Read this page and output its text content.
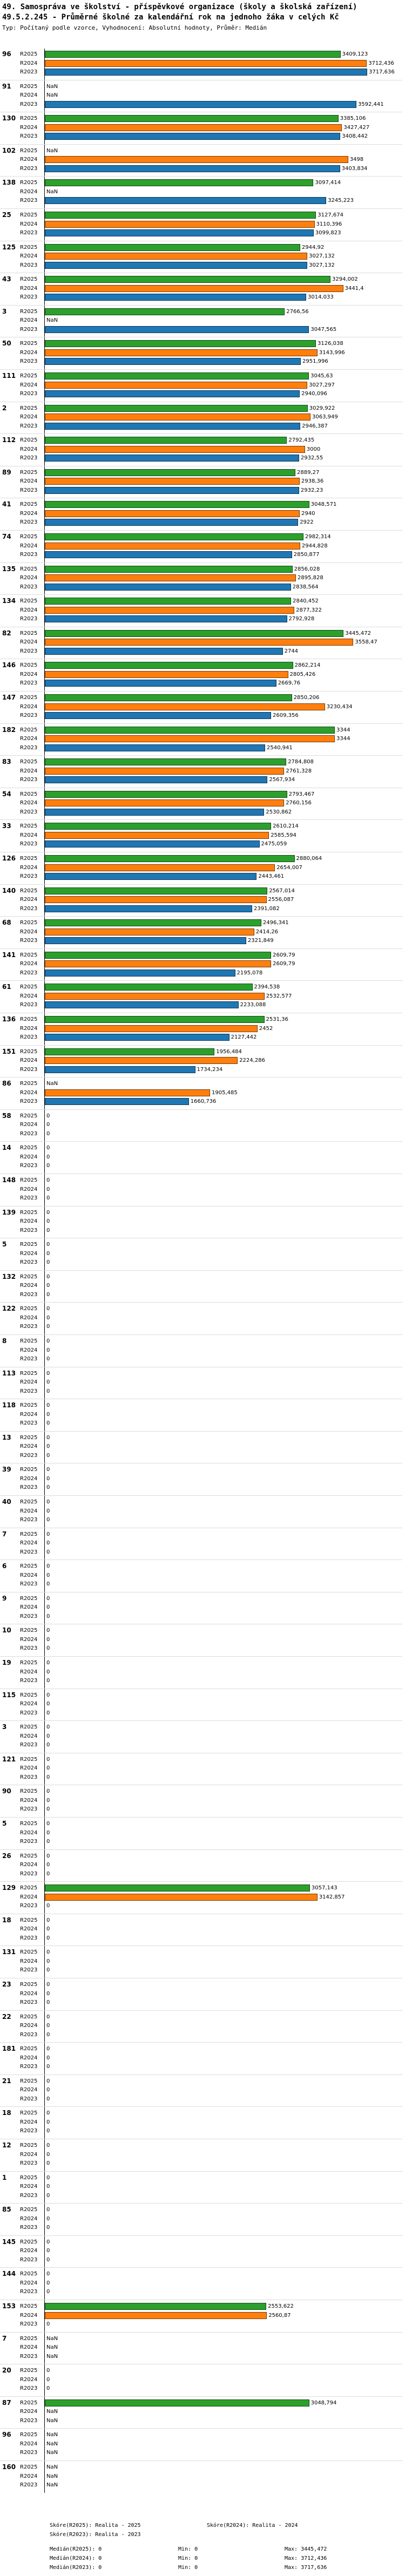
49. Samospráva ve školství - příspěvkové organizace (školy a školská zařízení)
49.5.2.245 - Průměrné školné za kalendářní rok na jednoho žáka v celých Kč
Typ: Počítaný podle vzorce, Vyhodnocení: Absolutní hodnoty, Průměr: Medián
96 R2025	3409,123
R2024	3712,436
R2023	3717,636
91 R2025 NaN
R2024 NaN
R2023	3592,441
130 R2025	3385,106
R2024	3427,427
R2023	3408,442
102 R2025 NaN
R2024	3498
R2023	3403,834
138 R2025	3097,414
R2024 NaN
R2023	3245,223
25 R2025	3127,674
R2024	3110,396
R2023	3099,823
125 R2025	2944,92
R2024	3027,132
R2023	3027,132
43 R2025	3294,002
R2024	3441,4
R2023	3014,033
3 R2025	2766,56
R2024 NaN
R2023	3047,565
50 R2025	3126,038
R2024	3143,996
R2023	2951,996
111 R2025	3045,63
R2024	3027,297
R2023	2940,096
2 R2025	3029,922
R2024	3063,949
R2023	2946,387
112 R2025	2792,435
R2024	3000
R2023	2932,55
89 R2025	2889,27
R2024	2938,36
R2023	2932,23
41 R2025	3048,571
R2024	2940
R2023	2922
74 R2025	2982,314
R2024	2944,828
R2023	2850,877
135 R2025	2856,028
R2024	2895,828
R2023	2838,564
134 R2025	2840,452
R2024	2877,322
R2023	2792,928
82 R2025	3445,472
R2024	3558,47
R2023	2744
146 R2025	2862,214
R2024	2805,426
R2023	2669,76
147 R2025	2850,206
R2024	3230,434
R2023	2609,356
182 R2025	3344
R2024	3344
R2023	2540,941
83 R2025	2784,808
R2024	2761,328
R2023	2567,934
54 R2025	2793,467
R2024	2760,156
R2023	2530,862
33 R2025	2610,214
R2024	2585,594
R2023	2475,059
126 R2025	2880,064
R2024	2654,007
R2023	2443,461
140 R2025	2567,014
R2024	2556,087
R2023	2391,082
68 R2025	2496,341
R2024	2414,26
R2023	2321,849
141 R2025	2609,79
R2024	2609,79
R2023	2195,078
61 R2025	2394,538
R2024	2532,577
R2023	2233,088
136 R2025	2531,36
R2024	2452
R2023	2127,442
151 R2025	1956,484
R2024	2224,286
R2023	1734,234
86 R2025 NaN
R2024	1905,485
R2023	1660,736
58 R2025 0
R2024 0
R2023 0
14 R2025 0
R2024 0
R2023 0
148 R2025 0
R2024 0
R2023 0
139 R2025 0
R2024 0
R2023 0
5 R2025 0
R2024 0
R2023 0
132 R2025 0
R2024 0
R2023 0
122 R2025 0
R2024 0
R2023 0
8 R2025 0
R2024 0
R2023 0
113 R2025 0
R2024 0
R2023 0
118 R2025 0
R2024 0
R2023 0
13 R2025 0
R2024 0
R2023 0
39 R2025 0
R2024 0
R2023 0
40 R2025 0
R2024 0
R2023 0
7 R2025 0
R2024 0
R2023 0
6 R2025 0
R2024 0
R2023 0
9 R2025 0
R2024 0
R2023 0
10 R2025 0
R2024 0
R2023 0
19 R2025 0
R2024 0
R2023 0
115 R2025 0
R2024 0
R2023 0
3 R2025 0
R2024 0
R2023 0
121 R2025 0
R2024 0
R2023 0
90 R2025 0
R2024 0
R2023 0
5 R2025 0
R2024 0
R2023 0
26 R2025 0
R2024 0
R2023 0
129 R2025	3057,143
R2024	3142,857
R2023 0
18 R2025 0
R2024 0
R2023 0
131 R2025 0
R2024 0
R2023 0
23 R2025 0
R2024 0
R2023 0
22 R2025 0
R2024 0
R2023 0
181 R2025 0
R2024 0
R2023 0
21 R2025 0
R2024 0
R2023 0
18 R2025 0
R2024 0
R2023 0
12 R2025 0
R2024 0
R2023 0
1 R2025 0
R2024 0
R2023 0
85 R2025 0
R2024 0
R2023 0
145 R2025 0
R2024 0
R2023 0
144 R2025 0
R2024 0
R2023 0
153 R2025	2553,622
R2024	2560,87
R2023 0
7 R2025 NaN
R2024 NaN
R2023 NaN
20 R2025 0
R2024 0
R2023 0
87 R2025	3048,794
R2024 NaN
R2023 NaN
96 R2025 NaN
R2024 NaN
R2023 NaN
160 R2025 NaN
R2024 NaN
R2023 NaN
Skóre(R2025): Realita - 2025	Skóre(R2024): Realita - 2024
Skóre(R2023): Realita - 2023
Medián(R2025): 0	Min: 0	Max: 3445,472
Medián(R2024): 0	Min: 0	Max: 3712,436
Medián(R2023): 0	Min: 0	Max: 3717,636
